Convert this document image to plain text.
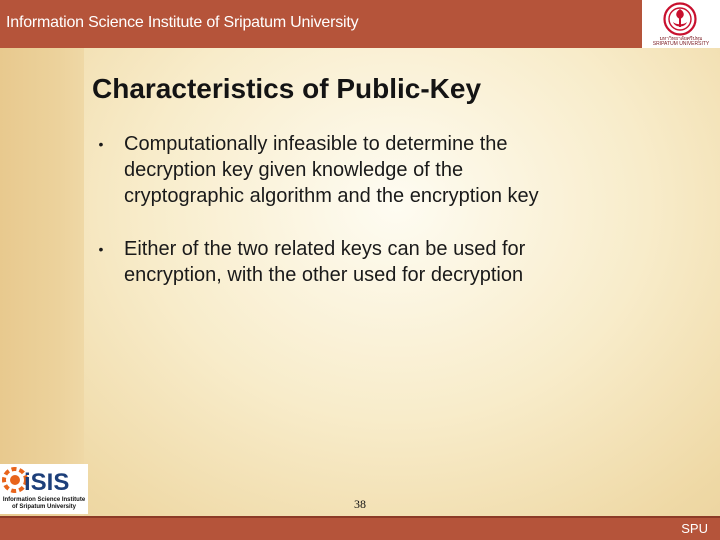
Information Science Institute of Sripatum University
มหาวิทยาลัยศรีปทุม
SRIPATUM UNIVERSITY
Characteristics of Public-Key
• Computationally infeasible to determine the
decryption key given knowledge of the
cryptographic algorithm and the encryption key
• Either of the two related keys can be used for
encryption, with the other used for decryption
iSIS
Information Science Institute
of Sripatum University	38
SPU
